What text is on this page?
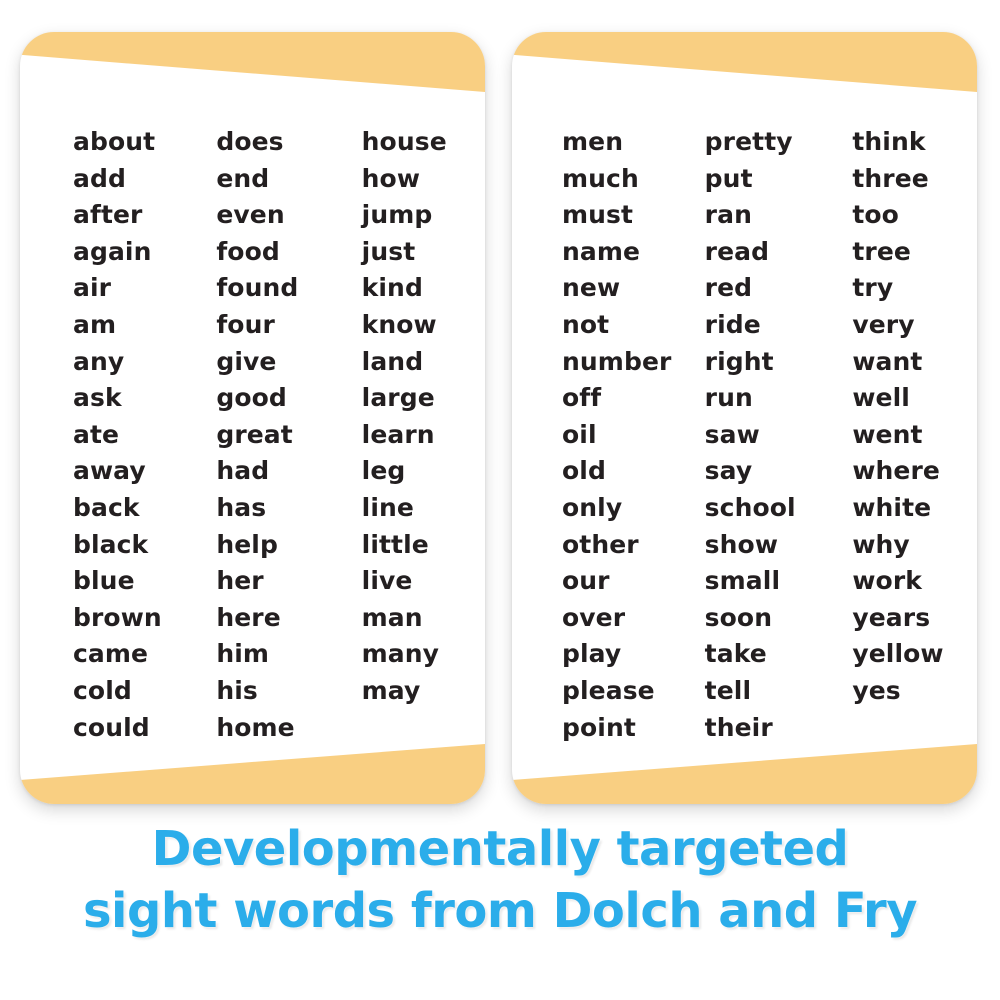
about
add
after
again
air
am
any
ask
ate
away
back
black
blue
brown
came
cold
could
does
end
even
food
found
four
give
good
great
had
has
help
her
here
him
his
home
house
how
jump
just
kind
know
land
large
learn
leg
line
little
live
man
many
may
men
much
must
name
new
not
number
off
oil
old
only
other
our
over
play
please
point
pretty
put
ran
read
red
ride
right
run
saw
say
school
show
small
soon
take
tell
their
think
three
too
tree
try
very
want
well
went
where
white
why
work
years
yellow
yes
Developmentally targeted
sight words from Dolch and Fry
